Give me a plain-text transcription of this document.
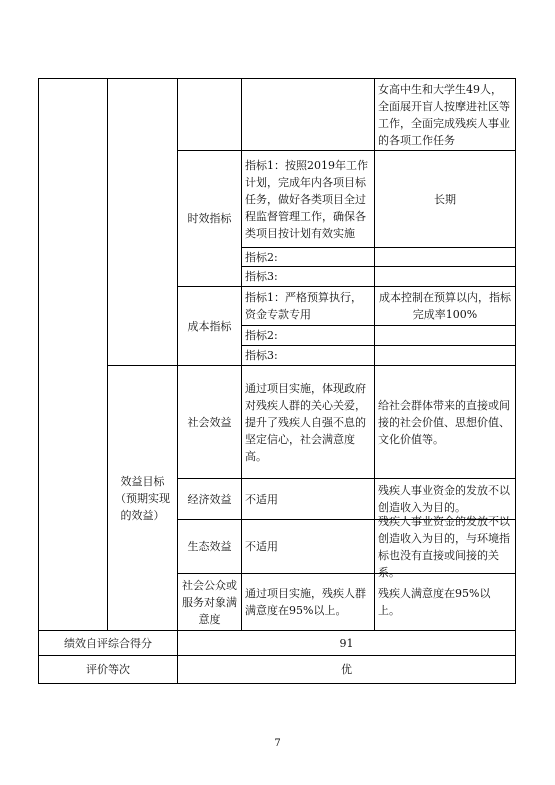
女高中生和大学生49人，全面展开盲人按摩进社区等工作，全面完成残疾人事业的各项工作任务
时效指标
指标1：按照2019年工作计划，完成年内各项目标任务，做好各类项目全过程监督管理工作，确保各类项目按计划有效实施
长期
指标2:
指标3:
成本指标
指标1：严格预算执行，资金专款专用
成本控制在预算以内，指标完成率100%
指标2:
指标3:
效益目标（预期实现的效益）
社会效益
通过项目实施，体现政府对残疾人群的关心关爱，提升了残疾人自强不息的坚定信心，社会满意度高。
给社会群体带来的直接或间接的社会价值、思想价值、文化价值等。
经济效益 不适用
残疾人事业资金的发放不以创造收入为目的。
生态效益 不适用
残疾人事业资金的发放不以创造收入为目的，与环境指标也没有直接或间接的关系。
社会公众或服务对象满意度
通过项目实施，残疾人群满意度在95%以上。
残疾人满意度在95%以上。
绩效自评综合得分	91
评价等次	优
7
